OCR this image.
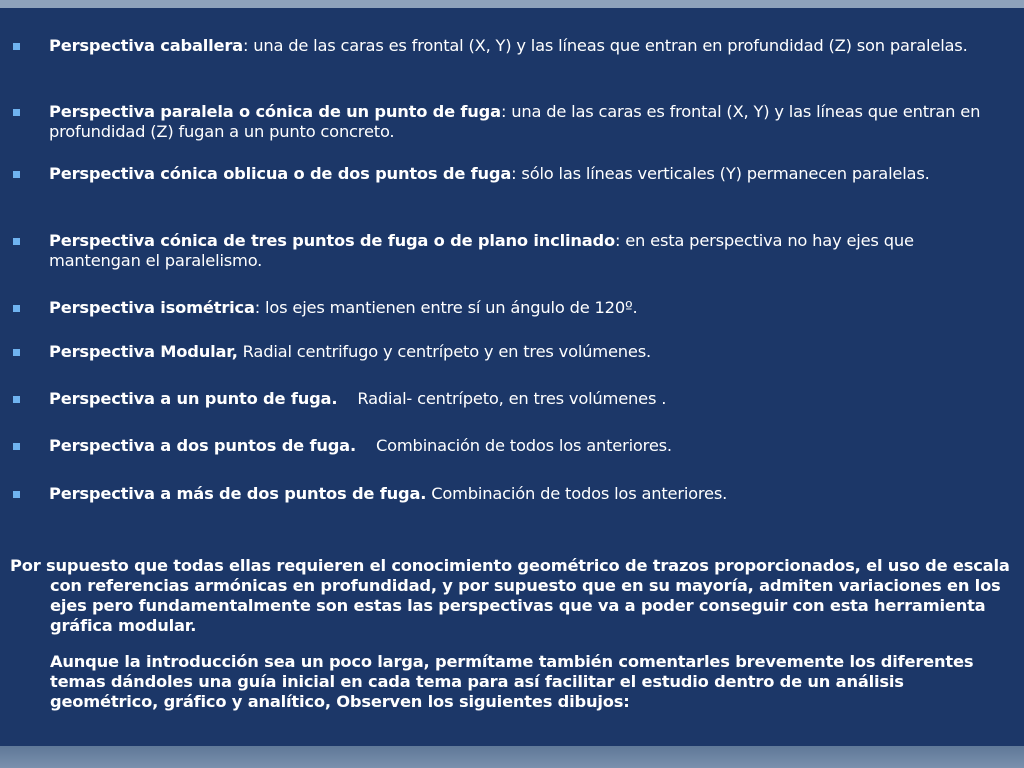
Perspectiva caballera: una de las caras es frontal (X, Y) y las líneas que entran en profundidad (Z) son paralelas.
Perspectiva paralela o cónica de un punto de fuga: una de las caras es frontal (X, Y) y las líneas que entran en profundidad (Z) fugan a un punto concreto.
Perspectiva cónica oblicua o de dos puntos de fuga: sólo las líneas verticales (Y) permanecen paralelas.
Perspectiva cónica de tres puntos de fuga o de plano inclinado: en esta perspectiva no hay ejes que mantengan el paralelismo.
Perspectiva isométrica: los ejes mantienen entre sí un ángulo de 120º.
Perspectiva Modular, Radial centrifugo y centrípeto y en tres volúmenes.
Perspectiva a un punto de fuga. Radial- centrípeto, en tres volúmenes .
Perspectiva a dos puntos de fuga. Combinación de todos los anteriores.
Perspectiva a más de dos puntos de fuga. Combinación de todos los anteriores.
Por supuesto que todas ellas requieren el conocimiento geométrico de trazos proporcionados, el uso de escala con referencias armónicas en profundidad, y por supuesto que en su mayoría, admiten variaciones en los ejes pero fundamentalmente son estas las perspectivas que va a poder conseguir con esta herramienta gráfica modular.
Aunque la introducción sea un poco larga, permítame también comentarles brevemente los diferentes temas dándoles una guía inicial en cada tema para así facilitar el estudio dentro de un análisis geométrico, gráfico y analítico, Observen los siguientes dibujos:
